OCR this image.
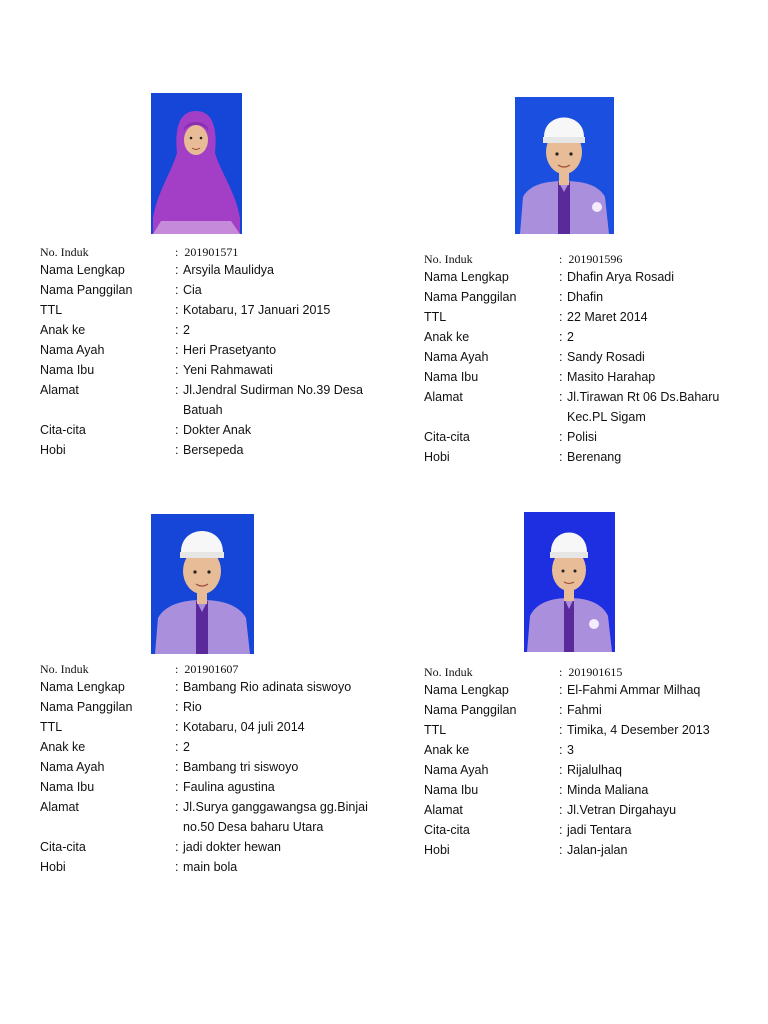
No. Induk	: 201901571
Nama Lengkap	: Arsyila Maulidya
Nama Panggilan	: Cia
TTL	: Kotabaru, 17 Januari 2015
Anak ke	: 2
Nama Ayah	: Heri Prasetyanto
Nama Ibu	: Yeni Rahmawati
Alamat	: Jl.Jendral Sudirman No.39 Desa
Batuah
Cita-cita	: Dokter Anak
Hobi	: Bersepeda
No. Induk	: 201901596
Nama Lengkap	: Dhafin Arya Rosadi
Nama Panggilan	: Dhafin
TTL	: 22 Maret 2014
Anak ke	: 2
Nama Ayah	: Sandy Rosadi
Nama Ibu	: Masito Harahap
Alamat	: Jl.Tirawan Rt 06 Ds.Baharu
Kec.PL Sigam
Cita-cita	: Polisi
Hobi	: Berenang
No. Induk	: 201901607
Nama Lengkap	: Bambang Rio adinata siswoyo
Nama Panggilan	: Rio
TTL	: Kotabaru, 04 juli 2014
Anak ke	: 2
Nama Ayah	: Bambang tri siswoyo
Nama Ibu	: Faulina agustina
Alamat	: Jl.Surya ganggawangsa gg.Binjai
no.50 Desa baharu Utara
Cita-cita	: jadi dokter hewan
Hobi	: main bola
No. Induk	: 201901615
Nama Lengkap	: El-Fahmi Ammar Milhaq
Nama Panggilan	: Fahmi
TTL	: Timika, 4 Desember 2013
Anak ke	: 3
Nama Ayah	: Rijalulhaq
Nama Ibu	: Minda Maliana
Alamat	: Jl.Vetran Dirgahayu
Cita-cita	: jadi Tentara
Hobi	: Jalan-jalan
